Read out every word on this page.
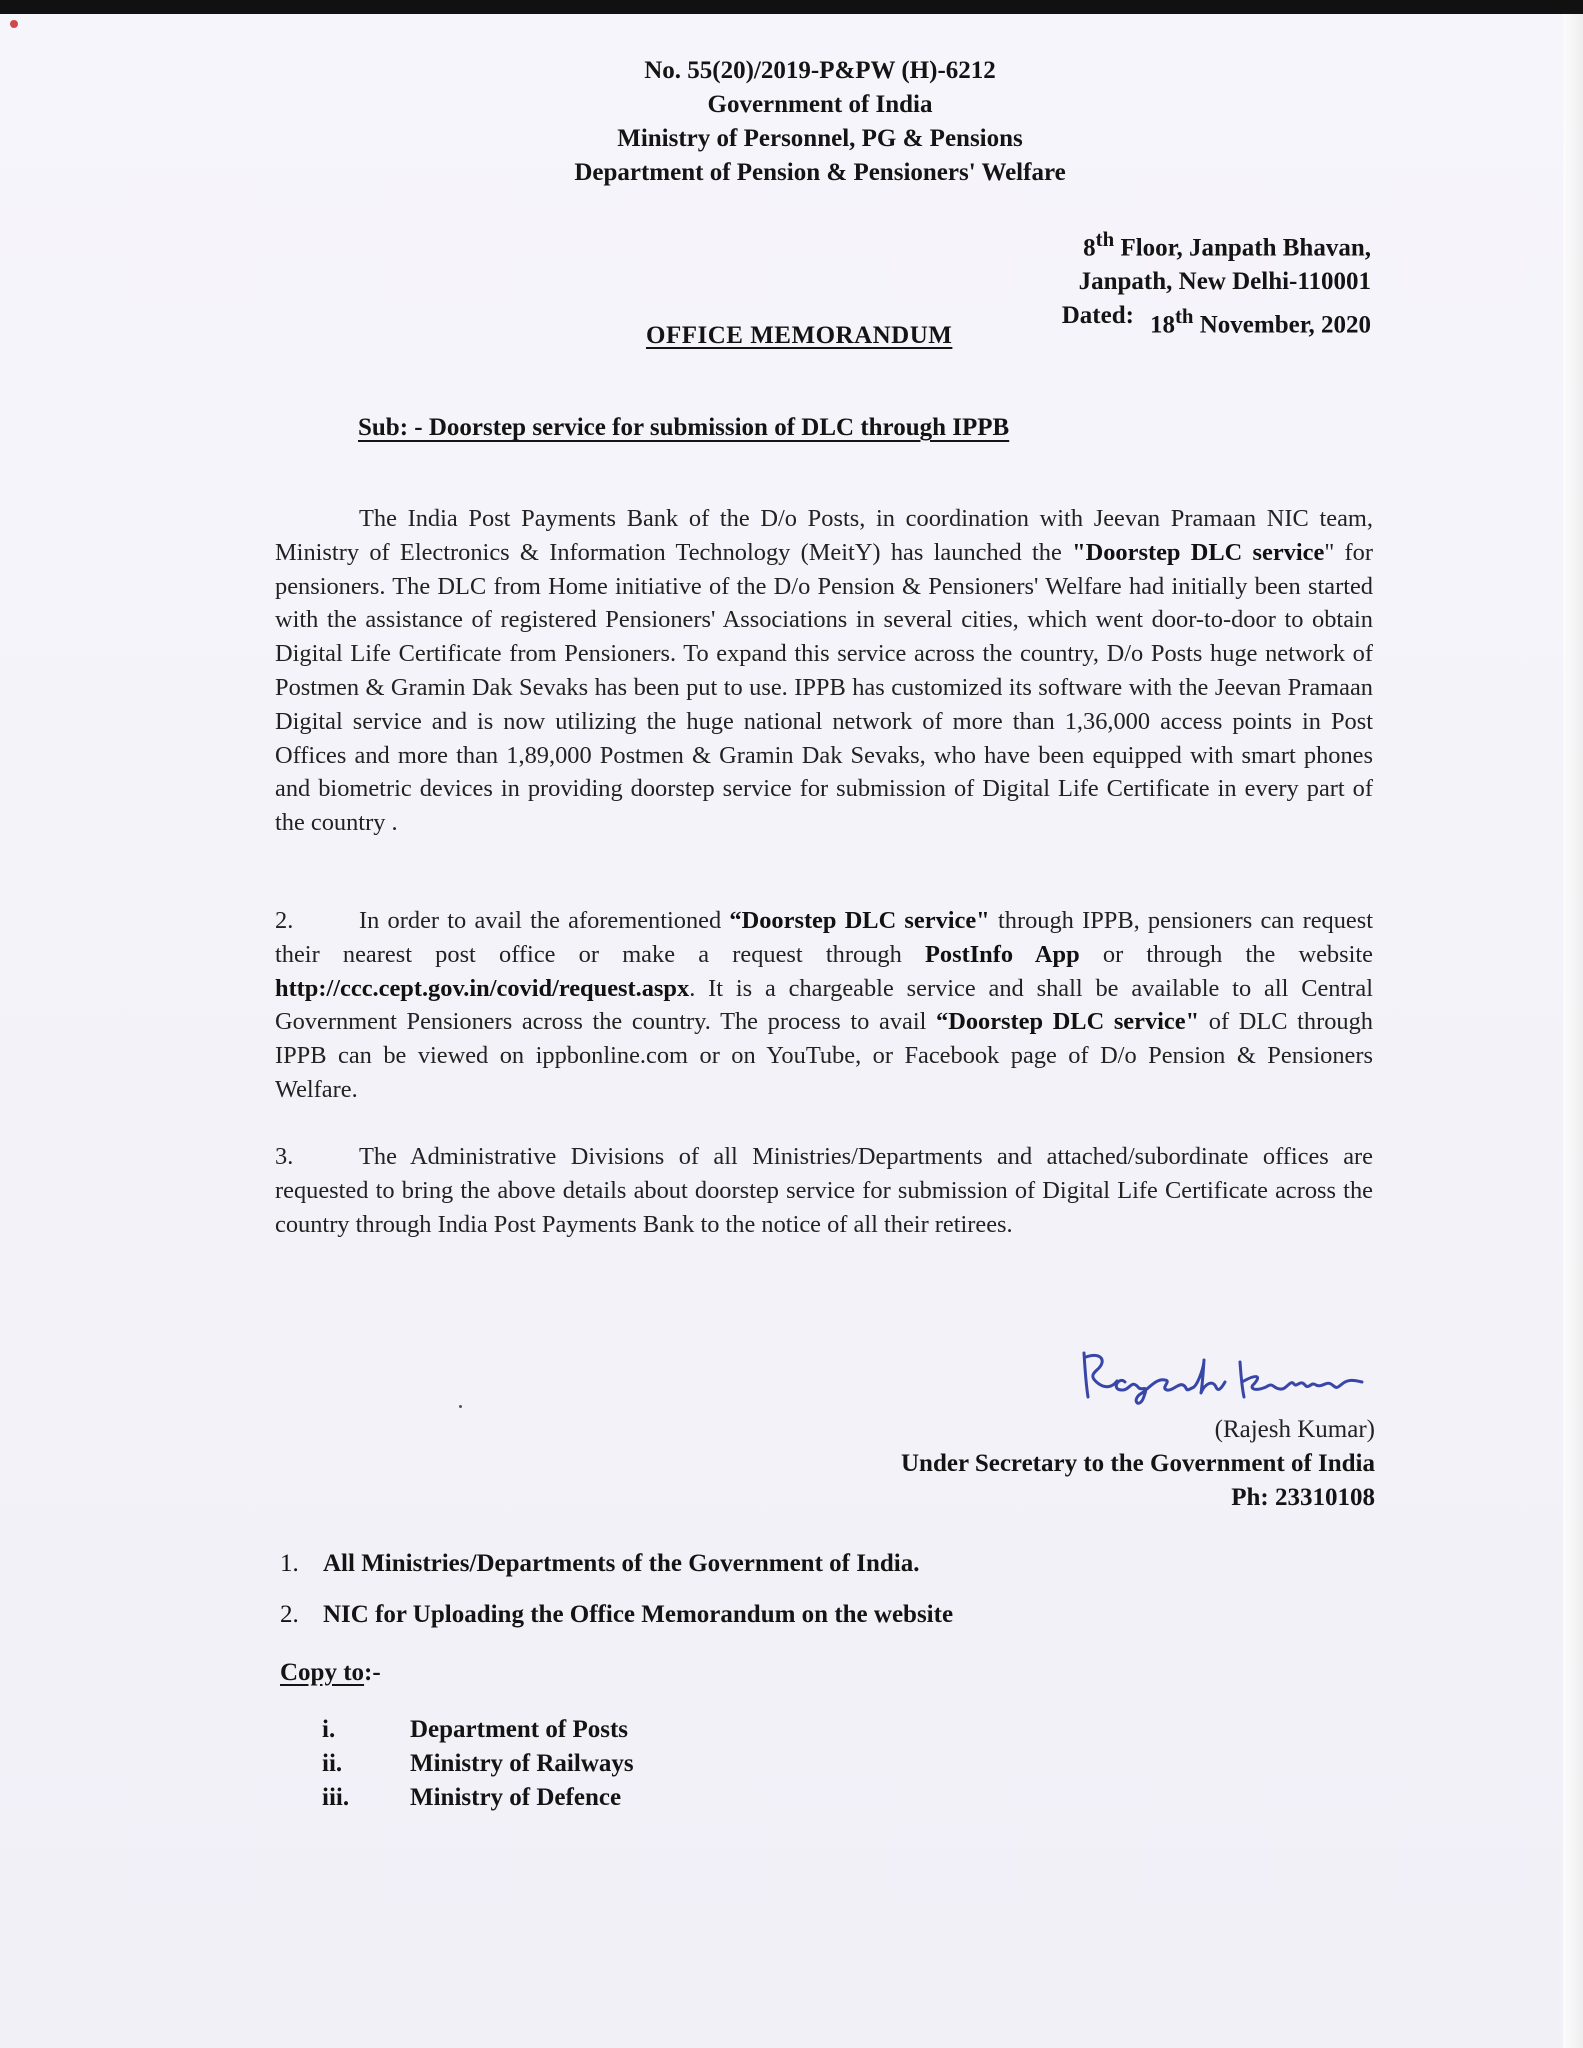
No. 55(20)/2019-P&PW (H)-6212
Government of India
Ministry of Personnel, PG & Pensions
Department of Pension & Pensioners' Welfare
8th Floor, Janpath Bhavan,
Janpath, New Delhi-110001
Dated: 18th November, 2020
OFFICE MEMORANDUM
Sub: - Doorstep service for submission of DLC through IPPB
The India Post Payments Bank of the D/o Posts, in coordination with Jeevan Pramaan NIC team, Ministry of Electronics & Information Technology (MeitY) has launched the "Doorstep DLC service" for pensioners. The DLC from Home initiative of the D/o Pension & Pensioners' Welfare had initially been started with the assistance of registered Pensioners' Associations in several cities, which went door-to-door to obtain Digital Life Certificate from Pensioners. To expand this service across the country, D/o Posts huge network of Postmen & Gramin Dak Sevaks has been put to use. IPPB has customized its software with the Jeevan Pramaan Digital service and is now utilizing the huge national network of more than 1,36,000 access points in Post Offices and more than 1,89,000 Postmen & Gramin Dak Sevaks, who have been equipped with smart phones and biometric devices in providing doorstep service for submission of Digital Life Certificate in every part of the country .
2.	In order to avail the aforementioned “Doorstep DLC service" through IPPB, pensioners can request their nearest post office or make a request through PostInfo App or through the website http://ccc.cept.gov.in/covid/request.aspx. It is a chargeable service and shall be available to all Central Government Pensioners across the country. The process to avail “Doorstep DLC service" of DLC through IPPB can be viewed on ippbonline.com or on YouTube, or Facebook page of D/o Pension & Pensioners Welfare.
3.	The Administrative Divisions of all Ministries/Departments and attached/subordinate offices are requested to bring the above details about doorstep service for submission of Digital Life Certificate across the country through India Post Payments Bank to the notice of all their retirees.
(Rajesh Kumar)
Under Secretary to the Government of India
Ph: 23310108
1. All Ministries/Departments of the Government of India.
2. NIC for Uploading the Office Memorandum on the website
Copy to:-
i.	Department of Posts
ii.	Ministry of Railways
iii.	Ministry of Defence
